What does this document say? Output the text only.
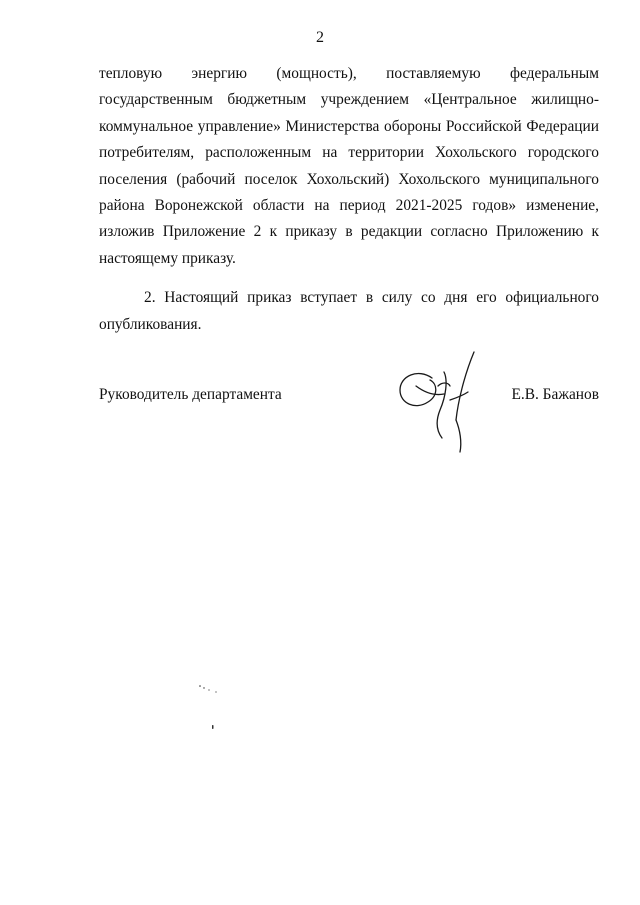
2

тепловую энергию (мощность), поставляемую федеральным государственным бюджетным учреждением «Центральное жилищно-коммунальное управление» Министерства обороны Российской Федерации потребителям, расположенным на территории Хохольского городского поселения (рабочий поселок Хохольский) Хохольского муниципального района Воронежской области на период 2021-2025 годов» изменение, изложив Приложение 2 к приказу в редакции согласно Приложению к настоящему приказу.

2. Настоящий приказ вступает в силу со дня его официального опубликования.

Руководитель департамента	Е.В. Бажанов
